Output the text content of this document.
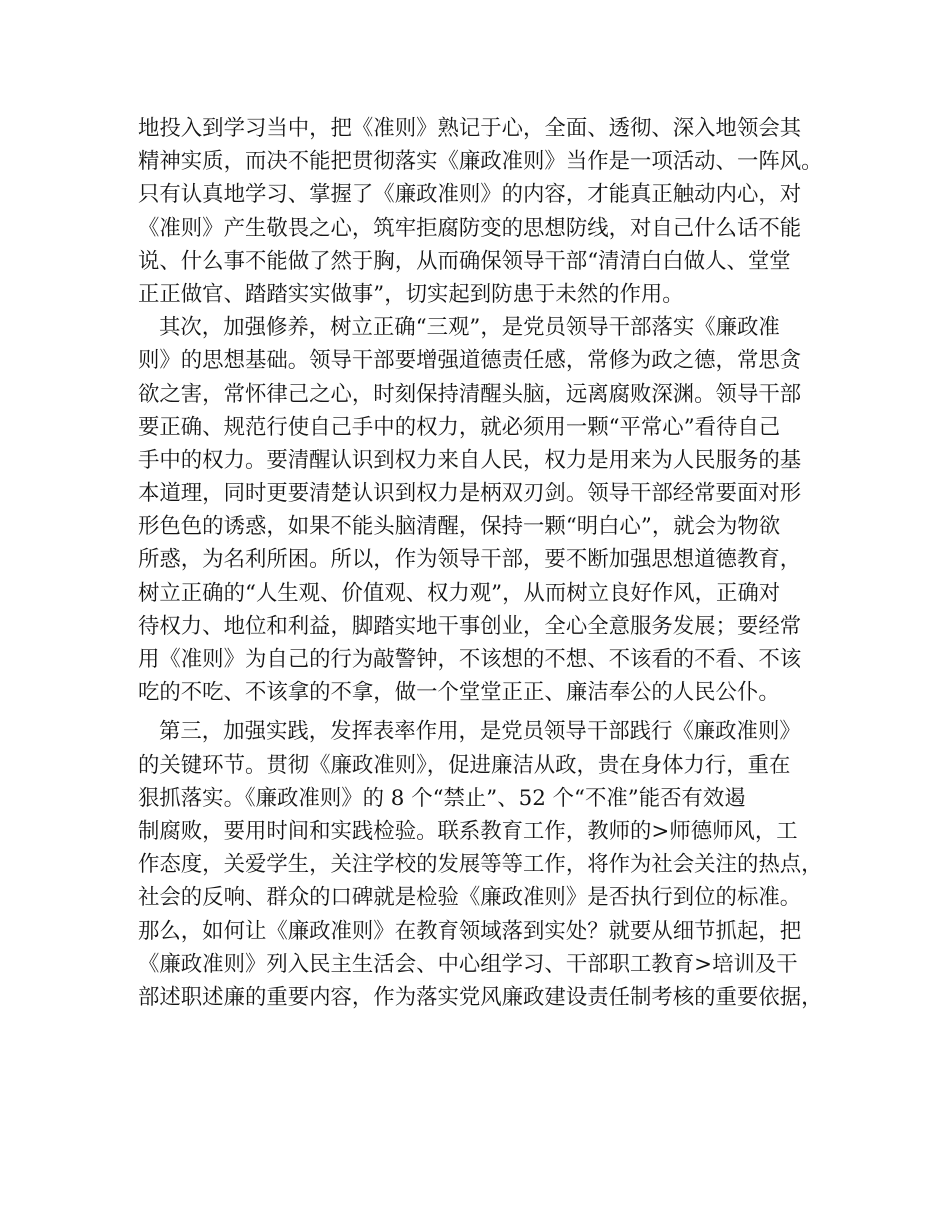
地投入到学习当中，把《准则》熟记于心，全面、透彻、深入地领会其
精神实质，而决不能把贯彻落实《廉政准则》当作是一项活动、一阵风。
只有认真地学习、掌握了《廉政准则》的内容，才能真正触动内心，对
《准则》产生敬畏之心，筑牢拒腐防变的思想防线，对自己什么话不能
说、什么事不能做了然于胸，从而确保领导干部“清清白白做人、堂堂
正正做官、踏踏实实做事”，切实起到防患于未然的作用。
其次，加强修养，树立正确“三观”，是党员领导干部落实《廉政准
则》的思想基础。领导干部要增强道德责任感，常修为政之德，常思贪
欲之害，常怀律己之心，时刻保持清醒头脑，远离腐败深渊。领导干部
要正确、规范行使自己手中的权力，就必须用一颗“平常心”看待自己
手中的权力。要清醒认识到权力来自人民，权力是用来为人民服务的基
本道理，同时更要清楚认识到权力是柄双刃剑。领导干部经常要面对形
形色色的诱惑，如果不能头脑清醒，保持一颗“明白心”，就会为物欲
所惑，为名利所困。所以，作为领导干部，要不断加强思想道德教育，
树立正确的“人生观、价值观、权力观”，从而树立良好作风，正确对
待权力、地位和利益，脚踏实地干事创业，全心全意服务发展；要经常
用《准则》为自己的行为敲警钟，不该想的不想、不该看的不看、不该
吃的不吃、不该拿的不拿，做一个堂堂正正、廉洁奉公的人民公仆。
第三，加强实践，发挥表率作用，是党员领导干部践行《廉政准则》
的关键环节。贯彻《廉政准则》，促进廉洁从政，贵在身体力行，重在
狠抓落实。《廉政准则》的 8 个“禁止”、52 个“不准”能否有效遏
制腐败，要用时间和实践检验。联系教育工作，教师的>师德师风，工
作态度，关爱学生，关注学校的发展等等工作，将作为社会关注的热点，
社会的反响、群众的口碑就是检验《廉政准则》是否执行到位的标准。
那么，如何让《廉政准则》在教育领域落到实处？就要从细节抓起，把
《廉政准则》列入民主生活会、中心组学习、干部职工教育>培训及干
部述职述廉的重要内容，作为落实党风廉政建设责任制考核的重要依据，
